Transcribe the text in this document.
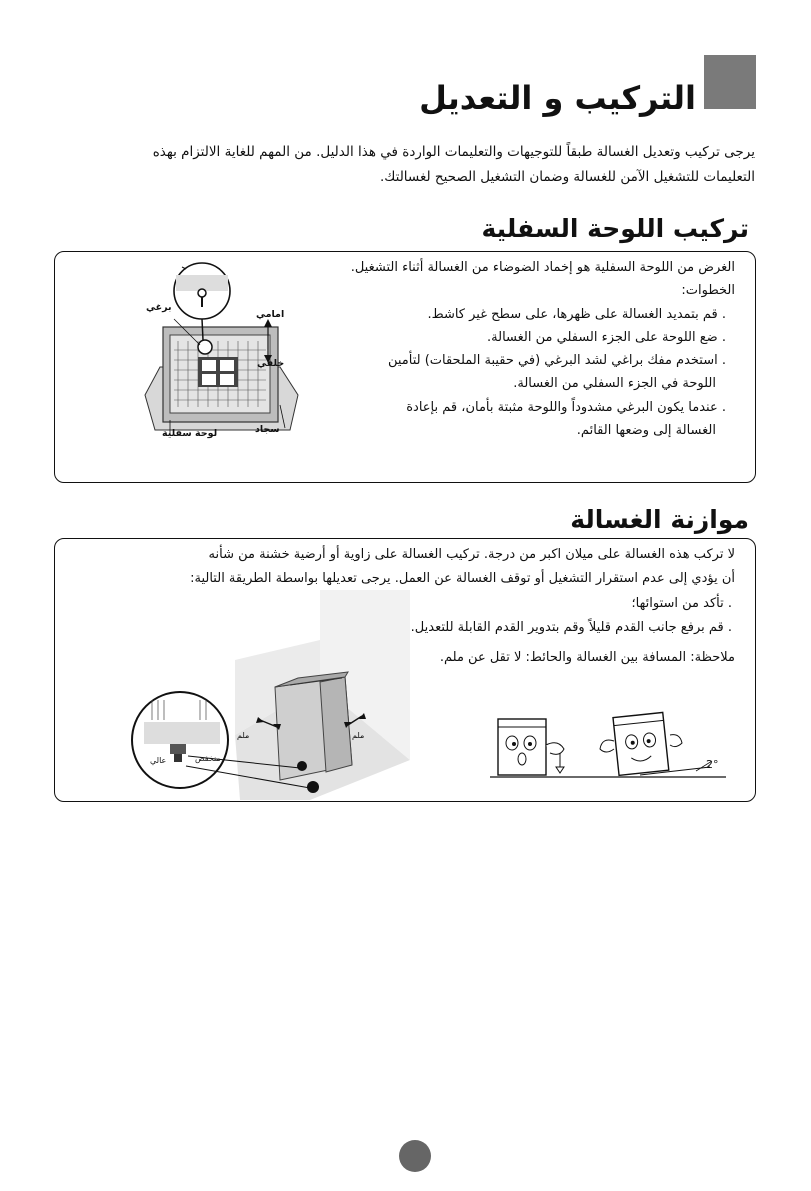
التركيب و التعديل
يرجى تركيب وتعديل الغسالة طبقاً للتوجيهات والتعليمات الواردة في هذا الدليل. من المهم للغاية الالتزام بهذه
التعليمات للتشغيل الآمن للغسالة وضمان التشغيل الصحيح لغسالتك.
تركيب اللوحة السفلية
الغرض من اللوحة السفلية هو إخماد الضوضاء من الغسالة أثناء التشغيل.
الخطوات:
. قم بتمديد الغسالة على ظهرها، على سطح غير كاشط.
. ضع اللوحة على الجزء السفلي من الغسالة.
. استخدم مفك براغي لشد البرغي (في حقيبة الملحقات) لتأمين
اللوحة في الجزء السفلي من الغسالة.
. عندما يكون البرغي مشدوداً واللوحة مثبتة بأمان، قم بإعادة
الغسالة إلى وضعها القائم.
برغي
امامي
خلفي
سجاد
لوحة سفلية
موازنة الغسالة
لا تركب هذه الغسالة على ميلان اكبر من درجة. تركيب الغسالة على زاوية أو أرضية خشنة من شأنه
أن يؤدي إلى عدم استقرار التشغيل أو توقف الغسالة عن العمل. يرجى تعديلها بواسطة الطريقة التالية:
. تأكد من استوائها؛
. قم برفع جانب القدم قليلاً وقم بتدوير القدم القابلة للتعديل.
ملاحظة: المسافة بين الغسالة والحائط: لا تقل عن ملم.
ملم	ملم
منخفض
عالي	2°
